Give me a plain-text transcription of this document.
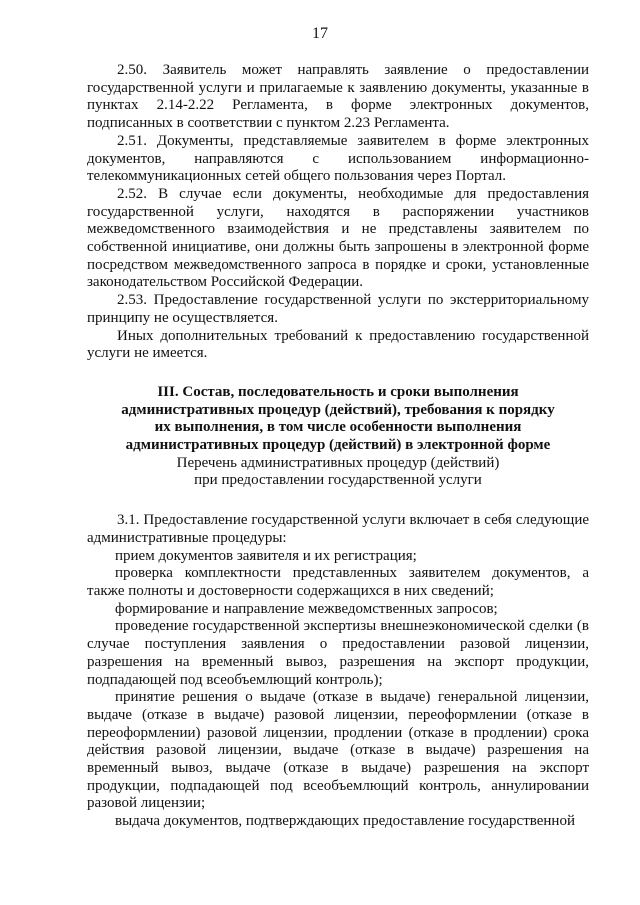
17

2.50. Заявитель может направлять заявление о предоставлении государственной услуги и прилагаемые к заявлению документы, указанные в пунктах 2.14-2.22 Регламента, в форме электронных документов, подписанных в соответствии с пунктом 2.23 Регламента.

2.51. Документы, представляемые заявителем в форме электронных документов, направляются с использованием информационно-телекоммуникационных сетей общего пользования через Портал.

2.52. В случае если документы, необходимые для предоставления государственной услуги, находятся в распоряжении участников межведомственного взаимодействия и не представлены заявителем по собственной инициативе, они должны быть запрошены в электронной форме посредством межведомственного запроса в порядке и сроки, установленные законодательством Российской Федерации.

2.53. Предоставление государственной услуги по экстерриториальному принципу не осуществляется.

Иных дополнительных требований к предоставлению государственной услуги не имеется.

III. Состав, последовательность и сроки выполнения административных процедур (действий), требования к порядку их выполнения, в том числе особенности выполнения административных процедур (действий) в электронной форме

Перечень административных процедур (действий)
при предоставлении государственной услуги

3.1. Предоставление государственной услуги включает в себя следующие административные процедуры:

прием документов заявителя и их регистрация;

проверка комплектности представленных заявителем документов, а также полноты и достоверности содержащихся в них сведений;

формирование и направление межведомственных запросов;

проведение государственной экспертизы внешнеэкономической сделки (в случае поступления заявления о предоставлении разовой лицензии, разрешения на временный вывоз, разрешения на экспорт продукции, подпадающей под всеобъемлющий контроль);

принятие решения о выдаче (отказе в выдаче) генеральной лицензии, выдаче (отказе в выдаче) разовой лицензии, переоформлении (отказе в переоформлении) разовой лицензии, продлении (отказе в продлении) срока действия разовой лицензии, выдаче (отказе в выдаче) разрешения на временный вывоз, выдаче (отказе в выдаче) разрешения на экспорт продукции, подпадающей под всеобъемлющий контроль, аннулировании разовой лицензии;

выдача документов, подтверждающих предоставление государственной
